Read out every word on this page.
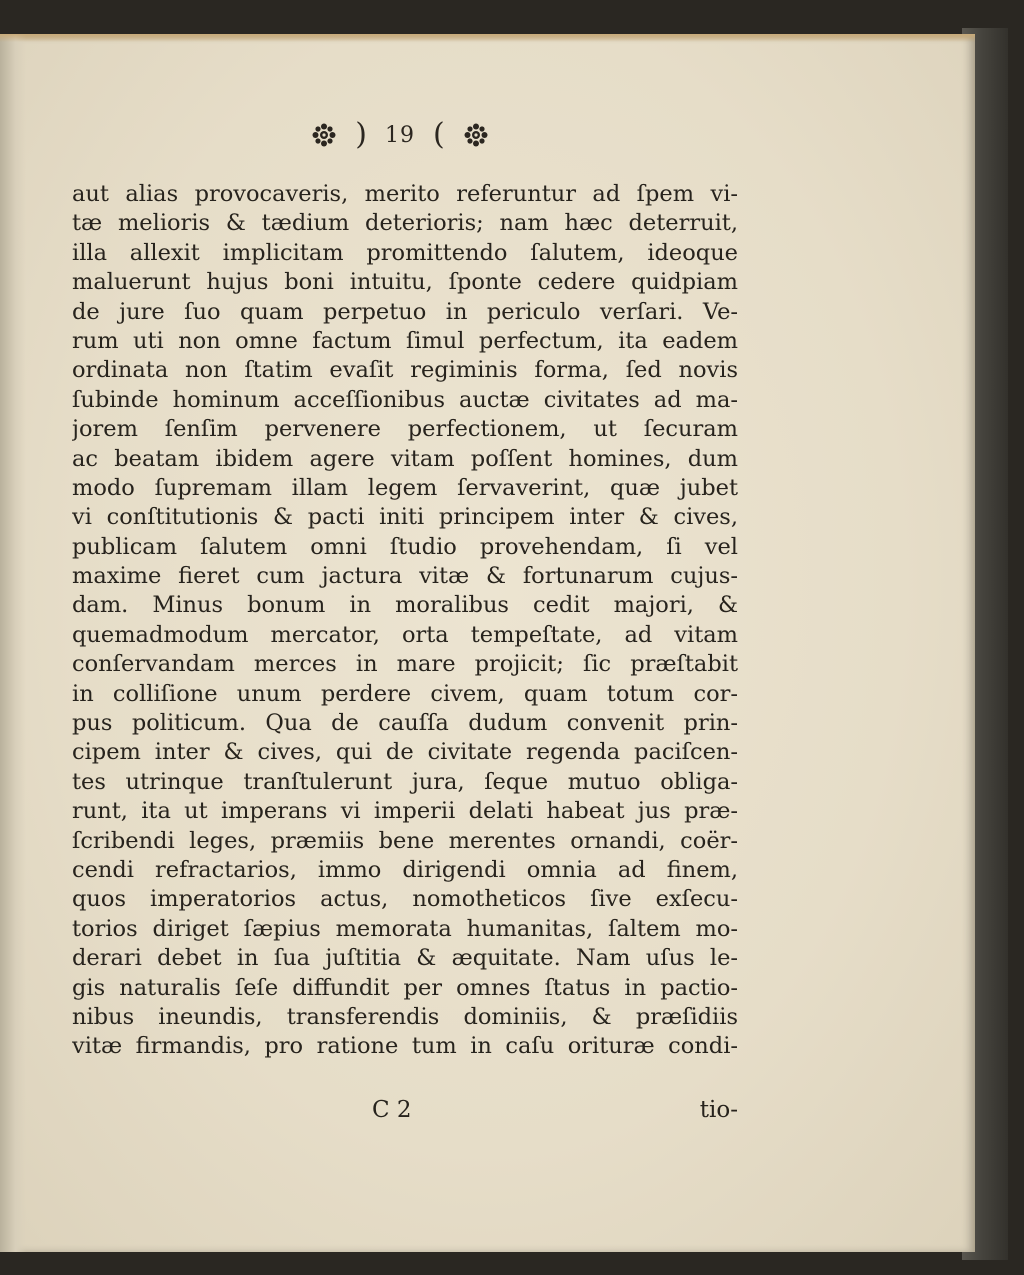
) 19 (
aut alias provocaveris, merito referuntur ad ſpem vi-
tæ melioris & tædium deterioris; nam hæc deterruit,
illa allexit implicitam promittendo ſalutem, ideoque
maluerunt hujus boni intuitu, ſponte cedere quidpiam
de jure ſuo quam perpetuo in periculo verſari. Ve-
rum uti non omne factum ſimul perfectum, ita eadem
ordinata non ſtatim evaſit regiminis forma, ſed novis
ſubinde hominum acceſſionibus auctæ civitates ad ma-
jorem ſenſim pervenere perfectionem, ut ſecuram
ac beatam ibidem agere vitam poſſent homines, dum
modo ſupremam illam legem ſervaverint, quæ jubet
vi conſtitutionis & pacti initi principem inter & cives,
publicam ſalutem omni ſtudio provehendam, ſi vel
maxime fieret cum jactura vitæ & fortunarum cujus-
dam. Minus bonum in moralibus cedit majori, &
quemadmodum mercator, orta tempeſtate, ad vitam
conſervandam merces in mare projicit; ſic præſtabit
in colliſione unum perdere civem, quam totum cor-
pus politicum. Qua de cauſſa dudum convenit prin-
cipem inter & cives, qui de civitate regenda paciſcen-
tes utrinque tranſtulerunt jura, ſeque mutuo obliga-
runt, ita ut imperans vi imperii delati habeat jus præ-
ſcribendi leges, præmiis bene merentes ornandi, coër-
cendi refractarios, immo dirigendi omnia ad finem,
quos imperatorios actus, nomotheticos ſive exſecu-
torios diriget ſæpius memorata humanitas, ſaltem mo-
derari debet in ſua juſtitia & æquitate. Nam uſus le-
gis naturalis ſeſe diffundit per omnes ſtatus in pactio-
nibus ineundis, transferendis dominiis, & præſidiis
vitæ firmandis, pro ratione tum in caſu orituræ condi-
C 2	tio-
